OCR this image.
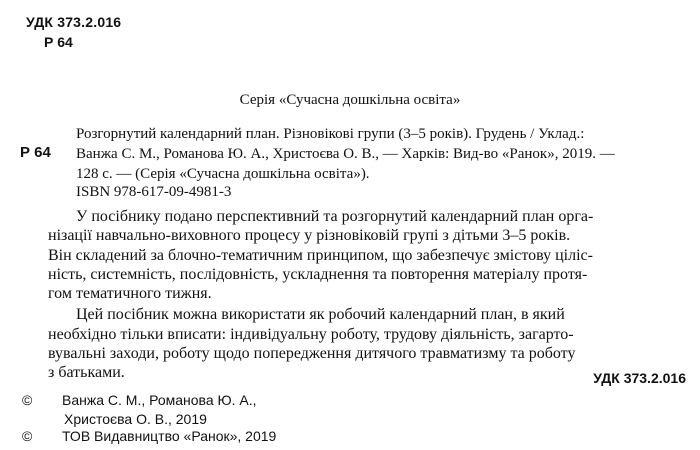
УДК 373.2.016
Р 64
Серія «Сучасна дошкільна освіта»
Р 64
Розгорнутий календарний план. Різновікові групи (3–5 років). Грудень / Уклад.:
Ванжа С. М., Романова Ю. А., Христоєва О. В., — Харків: Вид-во «Ранок», 2019. —
128 с. — (Серія «Сучасна дошкільна освіта»).
ISBN 978-617-09-4981-3
У посібнику подано перспективний та розгорнутий календарний план орга-
нізації навчально-виховного процесу у різновіковій групі з дітьми 3–5 років.
Він складений за блочно-тематичним принципом, що забезпечує змістову ціліс-
ність, системність, послідовність, ускладнення та повторення матеріалу протя-
гом тематичного тижня.
Цей посібник можна використати як робочий календарний план, в який
необхідно тільки вписати: індивідуальну роботу, трудову діяльність, загарто-
вувальні заходи, роботу щодо попередження дитячого травматизму та роботу
з батьками.	УДК 373.2.016
© Ванжа С. М., Романова Ю. А.,
Христоєва О. В., 2019
© ТОВ Видавництво «Ранок», 2019
